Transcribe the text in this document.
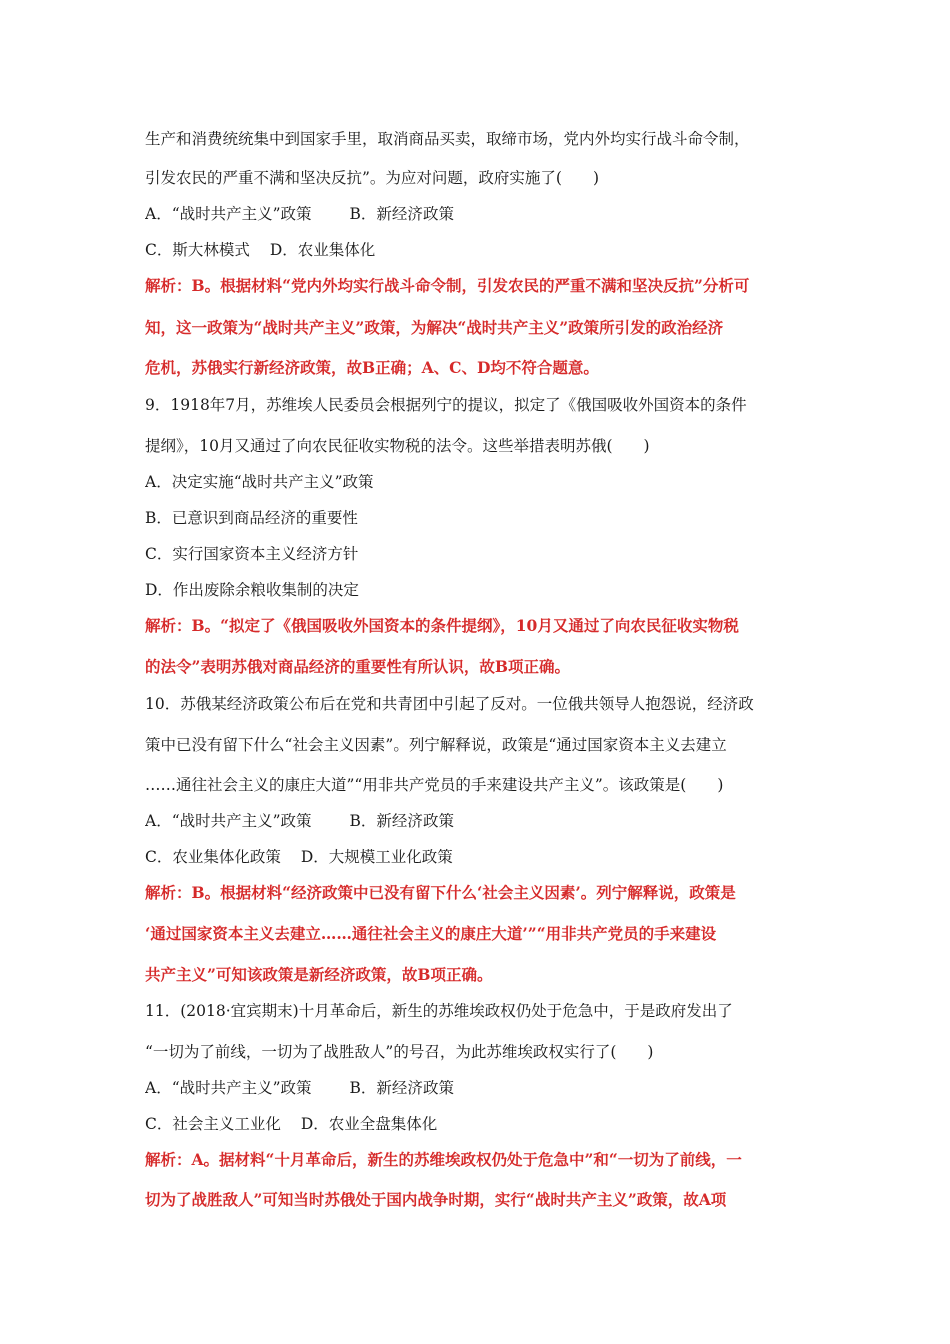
生产和消费统统集中到国家手里，取消商品买卖，取缔市场，党内外均实行战斗命令制，
引发农民的严重不满和坚决反抗”。为应对问题，政府实施了(　　)
A．“战时共产主义”政策 B．新经济政策
C．斯大林模式 D．农业集体化
解析：B。根据材料“党内外均实行战斗命令制，引发农民的严重不满和坚决反抗”分析可
知，这一政策为“战时共产主义”政策，为解决“战时共产主义”政策所引发的政治经济
危机，苏俄实行新经济政策，故B正确；A、C、D均不符合题意。
9．1918年7月，苏维埃人民委员会根据列宁的提议，拟定了《俄国吸收外国资本的条件
提纲》，10月又通过了向农民征收实物税的法令。这些举措表明苏俄(　　)
A．决定实施“战时共产主义”政策
B．已意识到商品经济的重要性
C．实行国家资本主义经济方针
D．作出废除余粮收集制的决定
解析：B。“拟定了《俄国吸收外国资本的条件提纲》，10月又通过了向农民征收实物税
的法令”表明苏俄对商品经济的重要性有所认识，故B项正确。
10．苏俄某经济政策公布后在党和共青团中引起了反对。一位俄共领导人抱怨说，经济政
策中已没有留下什么“社会主义因素”。列宁解释说，政策是“通过国家资本主义去建立
……通往社会主义的康庄大道”“用非共产党员的手来建设共产主义”。该政策是(　　)
A．“战时共产主义”政策 B．新经济政策
C．农业集体化政策 D．大规模工业化政策
解析：B。根据材料“经济政策中已没有留下什么‘社会主义因素’。列宁解释说，政策是
‘通过国家资本主义去建立……通往社会主义的康庄大道’”“用非共产党员的手来建设
共产主义”可知该政策是新经济政策，故B项正确。
11．(2018·宜宾期末)十月革命后，新生的苏维埃政权仍处于危急中，于是政府发出了
“一切为了前线，一切为了战胜敌人”的号召，为此苏维埃政权实行了(　　)
A．“战时共产主义”政策 B．新经济政策
C．社会主义工业化 D．农业全盘集体化
解析：A。据材料“十月革命后，新生的苏维埃政权仍处于危急中”和“一切为了前线，一
切为了战胜敌人”可知当时苏俄处于国内战争时期，实行“战时共产主义”政策，故A项
